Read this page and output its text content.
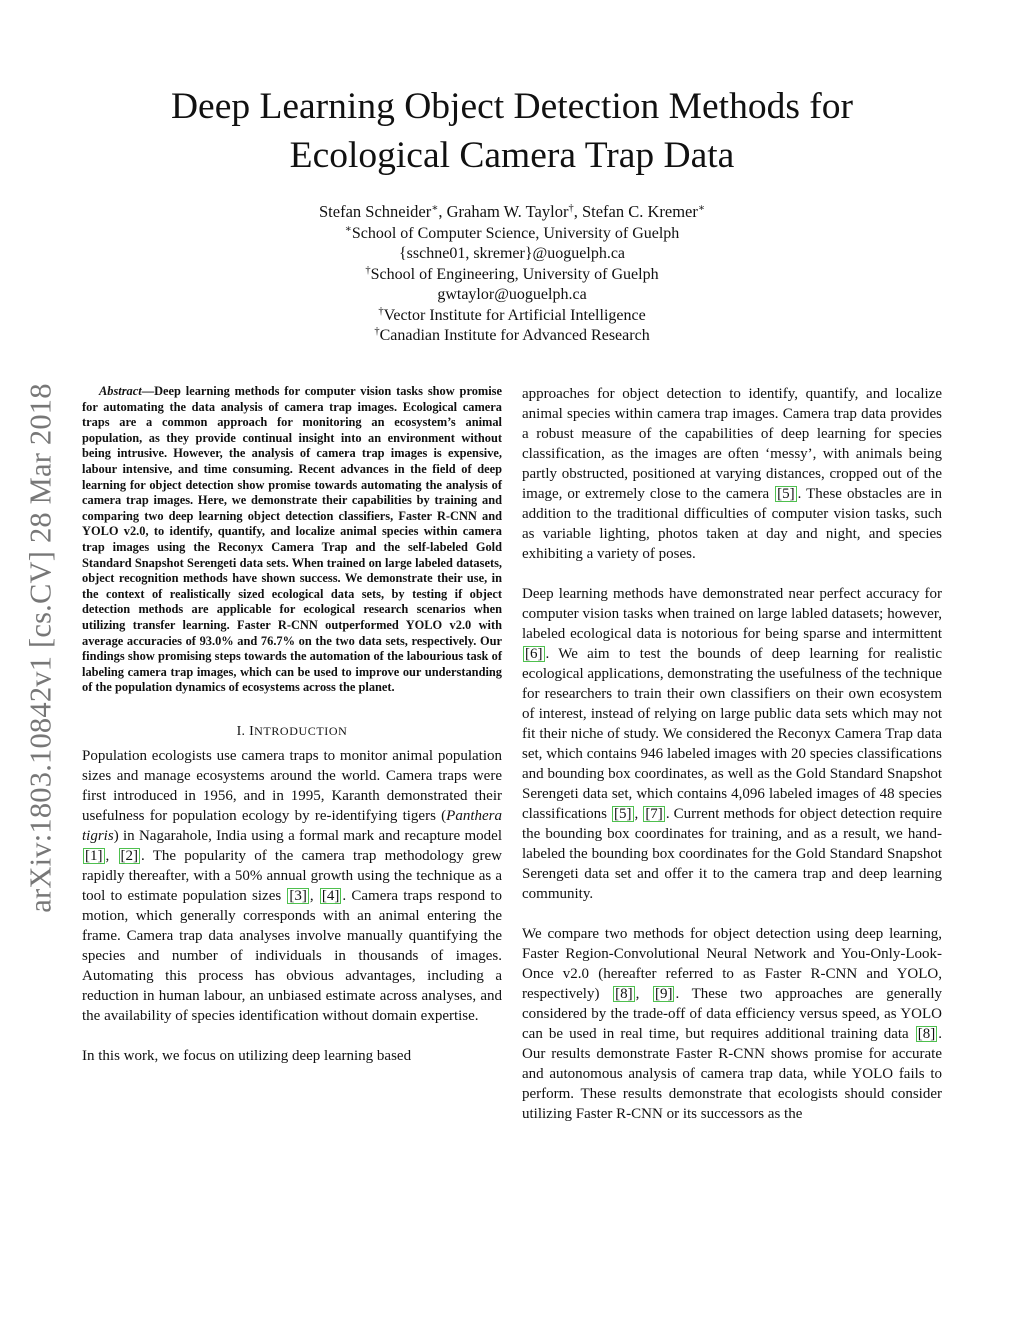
arXiv:1803.10842v1 [cs.CV] 28 Mar 2018
Deep Learning Object Detection Methods for
Ecological Camera Trap Data
Stefan Schneider∗, Graham W. Taylor†, Stefan C. Kremer∗
∗School of Computer Science, University of Guelph
{sschne01, skremer}@uoguelph.ca
†School of Engineering, University of Guelph
gwtaylor@uoguelph.ca
†Vector Institute for Artificial Intelligence
†Canadian Institute for Advanced Research
Abstract—Deep learning methods for computer vision tasks show promise for automating the data analysis of camera trap images. Ecological camera traps are a common approach for monitoring an ecosystem’s animal population, as they provide continual insight into an environment without being intrusive. However, the analysis of camera trap images is expensive, labour intensive, and time consuming. Recent advances in the field of deep learning for object detection show promise towards automating the analysis of camera trap images. Here, we demonstrate their capabilities by training and comparing two deep learning object detection classifiers, Faster R-CNN and YOLO v2.0, to identify, quantify, and localize animal species within camera trap images using the Reconyx Camera Trap and the self-labeled Gold Standard Snapshot Serengeti data sets. When trained on large labeled datasets, object recognition methods have shown success. We demonstrate their use, in the context of realistically sized ecological data sets, by testing if object detection methods are applicable for ecological research scenarios when utilizing transfer learning. Faster R-CNN outperformed YOLO v2.0 with average accuracies of 93.0% and 76.7% on the two data sets, respectively. Our findings show promising steps towards the automation of the labourious task of labeling camera trap images, which can be used to improve our understanding of the population dynamics of ecosystems across the planet.
I. INTRODUCTION

Population ecologists use camera traps to monitor animal population sizes and manage ecosystems around the world. Camera traps were first introduced in 1956, and in 1995, Karanth demonstrated their usefulness for population ecology by re-identifying tigers (Panthera tigris) in Nagarahole, India using a formal mark and recapture model [1] , [2] . The popularity of the camera trap methodology grew rapidly thereafter, with a 50% annual growth using the technique as a tool to estimate population sizes [3] , [4] . Camera traps respond to motion, which generally corresponds with an animal entering the frame. Camera trap data analyses involve manually quantifying the species and number of individuals in thousands of images. Automating this process has obvious advantages, including a reduction in human labour, an unbiased estimate across analyses, and the availability of species identification without domain expertise.

In this work, we focus on utilizing deep learning based

approaches for object detection to identify, quantify, and localize animal species within camera trap images. Camera trap data provides a robust measure of the capabilities of deep learning for species classification, as the images are often ‘messy’, with animals being partly obstructed, positioned at varying distances, cropped out of the image, or extremely close to the camera [5] . These obstacles are in addition to the traditional difficulties of computer vision tasks, such as variable lighting, photos taken at day and night, and species exhibiting a variety of poses.

Deep learning methods have demonstrated near perfect accuracy for computer vision tasks when trained on large labled datasets; however, labeled ecological data is notorious for being sparse and intermittent [6] . We aim to test the bounds of deep learning for realistic ecological applications, demonstrating the usefulness of the technique for researchers to train their own classifiers on their own ecosystem of interest, instead of relying on large public data sets which may not fit their niche of study. We considered the Reconyx Camera Trap data set, which contains 946 labeled images with 20 species classifications and bounding box coordinates, as well as the Gold Standard Snapshot Serengeti data set, which contains 4,096 labeled images of 48 species classifications [5] , [7] . Current methods for object detection require the bounding box coordinates for training, and as a result, we hand-labeled the bounding box coordinates for the Gold Standard Snapshot Serengeti data set and offer it to the camera trap and deep learning community.

We compare two methods for object detection using deep learning, Faster Region-Convolutional Neural Network and You-Only-Look-Once v2.0 (hereafter referred to as Faster R-CNN and YOLO, respectively) [8] , [9] . These two approaches are generally considered by the trade-off of data efficiency versus speed, as YOLO can be used in real time, but requires additional training data [8] . Our results demonstrate Faster R-CNN shows promise for accurate and autonomous analysis of camera trap data, while YOLO fails to perform. These results demonstrate that ecologists should consider utilizing Faster R-CNN or its successors as the
